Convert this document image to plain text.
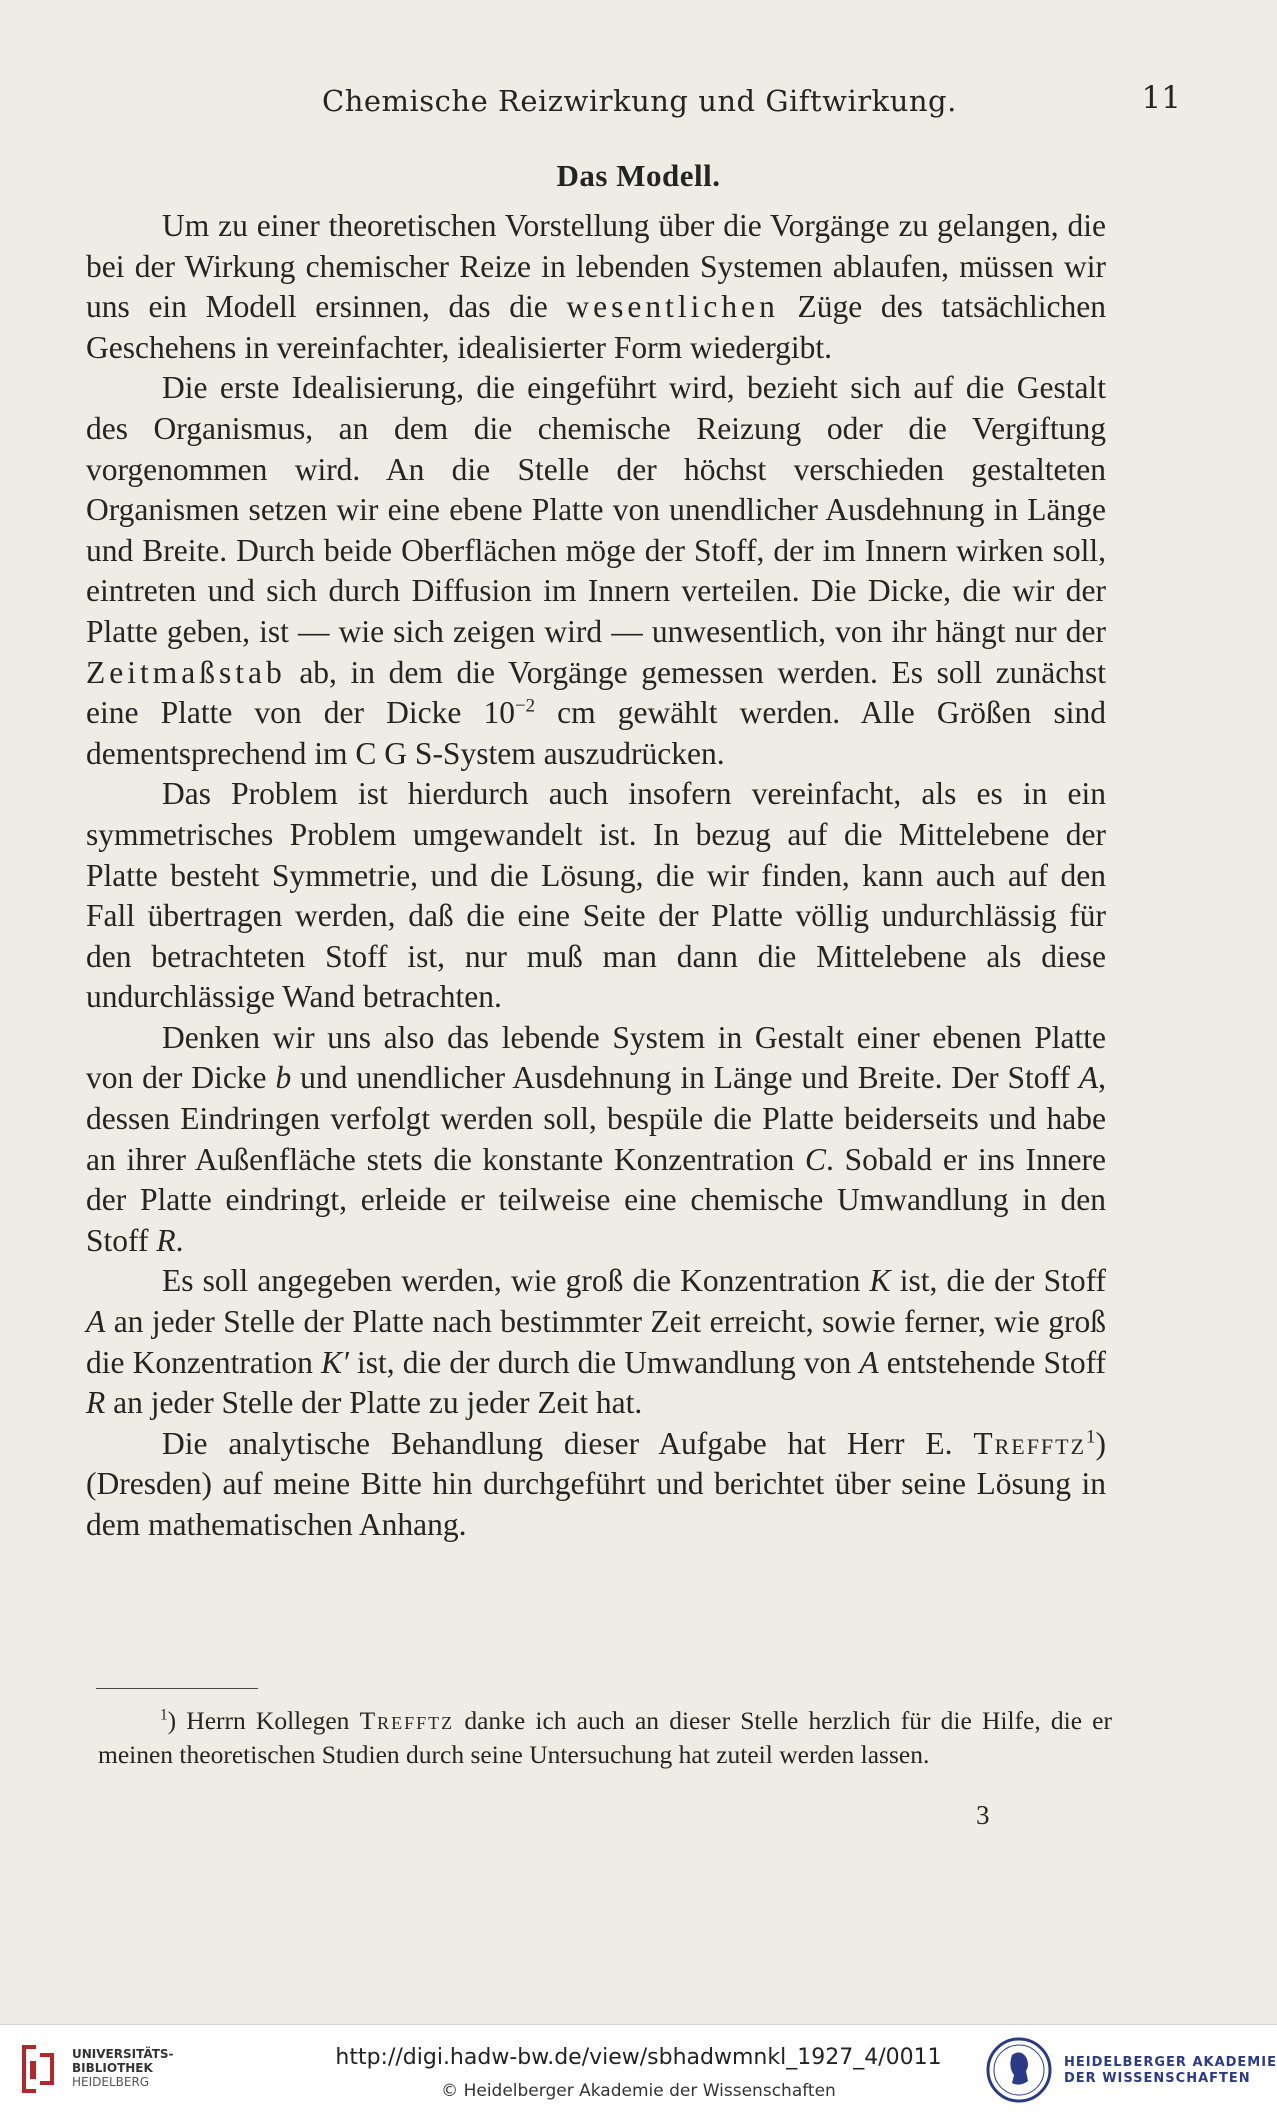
Chemische Reizwirkung und Giftwirkung.	11
Das Modell.

Um zu einer theoretischen Vorstellung über die Vorgänge zu gelangen, die bei der Wirkung chemischer Reize in lebenden Systemen ablaufen, müssen wir uns ein Modell ersinnen, das die wesentlichen Züge des tatsächlichen Geschehens in vereinfachter, idealisierter Form wiedergibt.

Die erste Idealisierung, die eingeführt wird, bezieht sich auf die Gestalt des Organismus, an dem die chemische Reizung oder die Vergiftung vorgenommen wird. An die Stelle der höchst verschieden gestalteten Organismen setzen wir eine ebene Platte von unendlicher Ausdehnung in Länge und Breite. Durch beide Oberflächen möge der Stoff, der im Innern wirken soll, eintreten und sich durch Diffusion im Innern verteilen. Die Dicke, die wir der Platte geben, ist — wie sich zeigen wird — unwesentlich, von ihr hängt nur der Zeitmaßstab ab, in dem die Vorgänge gemessen werden. Es soll zunächst eine Platte von der Dicke $10^{-2}$ cm gewählt werden. Alle Größen sind dementsprechend im C G S-System auszudrücken.

Das Problem ist hierdurch auch insofern vereinfacht, als es in ein symmetrisches Problem umgewandelt ist. In bezug auf die Mittelebene der Platte besteht Symmetrie, und die Lösung, die wir finden, kann auch auf den Fall übertragen werden, daß die eine Seite der Platte völlig undurchlässig für den betrachteten Stoff ist, nur muß man dann die Mittelebene als diese undurchlässige Wand betrachten.

Denken wir uns also das lebende System in Gestalt einer ebenen Platte von der Dicke b und unendlicher Ausdehnung in Länge und Breite. Der Stoff A, dessen Eindringen verfolgt werden soll, bespüle die Platte beiderseits und habe an ihrer Außenfläche stets die konstante Konzentration C. Sobald er ins Innere der Platte eindringt, erleide er teilweise eine chemische Umwandlung in den Stoff R.

Es soll angegeben werden, wie groß die Konzentration K ist, die der Stoff A an jeder Stelle der Platte nach bestimmter Zeit erreicht, sowie ferner, wie groß die Konzentration K′ ist, die der durch die Umwandlung von A entstehende Stoff R an jeder Stelle der Platte zu jeder Zeit hat.

Die analytische Behandlung dieser Aufgabe hat Herr E. Trefftz$^1$) (Dresden) auf meine Bitte hin durchgeführt und berichtet über seine Lösung in dem mathematischen Anhang.

$^1$) Herrn Kollegen Trefftz danke ich auch an dieser Stelle herzlich für die Hilfe, die er meinen theoretischen Studien durch seine Untersuchung hat zuteil werden lassen.

3
UNIVERSITÄTS-
BIBLIOTHEK
HEIDELBERG
http://digi.hadw-bw.de/view/sbhadwmnkl_1927_4/0011
© Heidelberger Akademie der Wissenschaften
HEIDELBERGER AKADEMIE
DER WISSENSCHAFTEN
